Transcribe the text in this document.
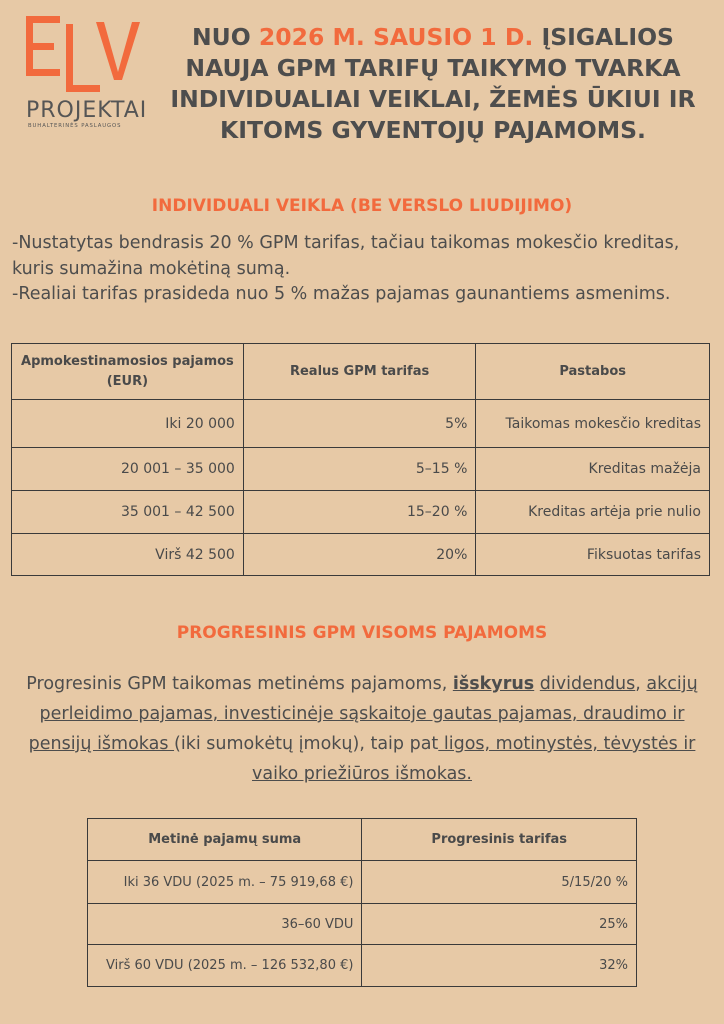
PROJEKTAI
BUHALTERINĖS PASLAUGOS
NUO 2026 M. SAUSIO 1 D. ĮSIGALIOS NAUJA GPM TARIFŲ TAIKYMO TVARKA INDIVIDUALIAI VEIKLAI, ŽEMĖS ŪKIUI IR KITOMS GYVENTOJŲ PAJAMOMS.
INDIVIDUALI VEIKLA (BE VERSLO LIUDIJIMO)
-Nustatytas bendrasis 20 % GPM tarifas, tačiau taikomas mokesčio kreditas, kuris sumažina mokėtiną sumą.
-Realiai tarifas prasideda nuo 5 % mažas pajamas gaunantiems asmenims.
Apmokestinamosios pajamos (EUR)	Realus GPM tarifas	Pastabos
Iki 20 000	5%	Taikomas mokesčio kreditas
20 001 – 35 000	5–15 %	Kreditas mažėja
35 001 – 42 500	15–20 %	Kreditas artėja prie nulio
Virš 42 500	20%	Fiksuotas tarifas
PROGRESINIS GPM VISOMS PAJAMOMS
Progresinis GPM taikomas metinėms pajamoms, išskyrus dividendus, akcijų perleidimo pajamas, investicinėje sąskaitoje gautas pajamas, draudimo ir pensijų išmokas (iki sumokėtų įmokų), taip pat ligos, motinystės, tėvystės ir vaiko priežiūros išmokas.
Metinė pajamų suma	Progresinis tarifas
Iki 36 VDU (2025 m. – 75 919,68 €)	5/15/20 %
36–60 VDU	25%
Virš 60 VDU (2025 m. – 126 532,80 €)	32%
